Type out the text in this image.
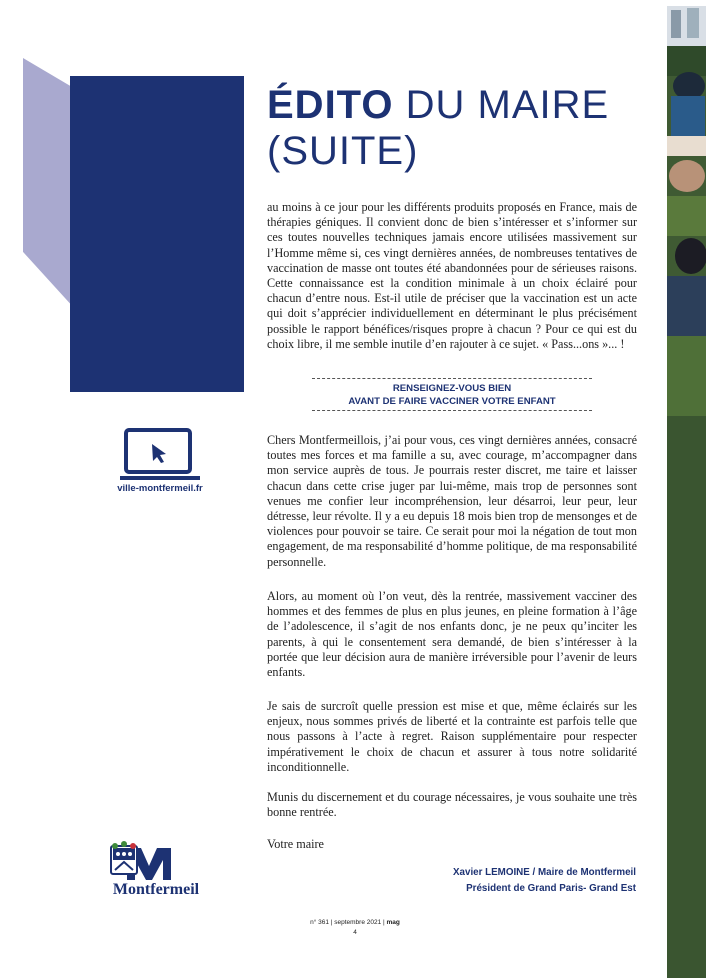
ÉDITO DU MAIRE
(SUITE)

au moins à ce jour pour les différents produits proposés en France, mais de thérapies géniques. Il convient donc de bien s’intéresser et s’informer sur ces toutes nouvelles techniques jamais encore utilisées massivement sur l’Homme même si, ces vingt dernières années, de nombreuses tentatives de vaccination de masse ont toutes été abandonnées pour de sérieuses raisons. Cette connaissance est la condition minimale à un choix éclairé pour chacun d’entre nous. Est-il utile de préciser que la vaccination est un acte qui doit s’apprécier individuellement en déterminant le plus précisément possible le rapport bénéfices/risques propre à chacun ? Pour ce qui est du choix libre, il me semble inutile d’en rajouter à ce sujet. « Pass...ons »... !

RENSEIGNEZ-VOUS BIEN
AVANT DE FAIRE VACCINER VOTRE ENFANT

ville-montfermeil.fr

Chers Montfermeillois, j’ai pour vous, ces vingt dernières années, consacré toutes mes forces et ma famille a su, avec courage, m’accompagner dans mon service auprès de tous. Je pourrais rester discret, me taire et laisser chacun dans cette crise juger par lui-même, mais trop de personnes sont venues me confier leur incompréhension, leur désarroi, leur peur, leur détresse, leur révolte. Il y a eu depuis 18 mois bien trop de mensonges et de violences pour pouvoir se taire. Ce serait pour moi la négation de tout mon engagement, de ma responsabilité d’homme politique, de ma responsabilité personnelle.

Alors, au moment où l’on veut, dès la rentrée, massivement vacciner des hommes et des femmes de plus en plus jeunes, en pleine formation à l’âge de l’adolescence, il s’agit de nos enfants donc, je ne peux qu’inciter les parents, à qui le consentement sera demandé, de bien s’intéresser à la portée que leur décision aura de manière irréversible pour l’avenir de leurs enfants.

Je sais de surcroît quelle pression est mise et que, même éclairés sur les enjeux, nous sommes privés de liberté et la contrainte est parfois telle que nous passons à l’acte à regret. Raison supplémentaire pour respecter impérativement le choix de chacun et assurer à tous notre solidarité inconditionnelle.

Munis du discernement et du courage nécessaires, je vous souhaite une très bonne rentrée.

Votre maire

Montfermeil

Xavier LEMOINE / Maire de Montfermeil
Président de Grand Paris- Grand Est
n° 361 | septembre 2021 | mag
4
